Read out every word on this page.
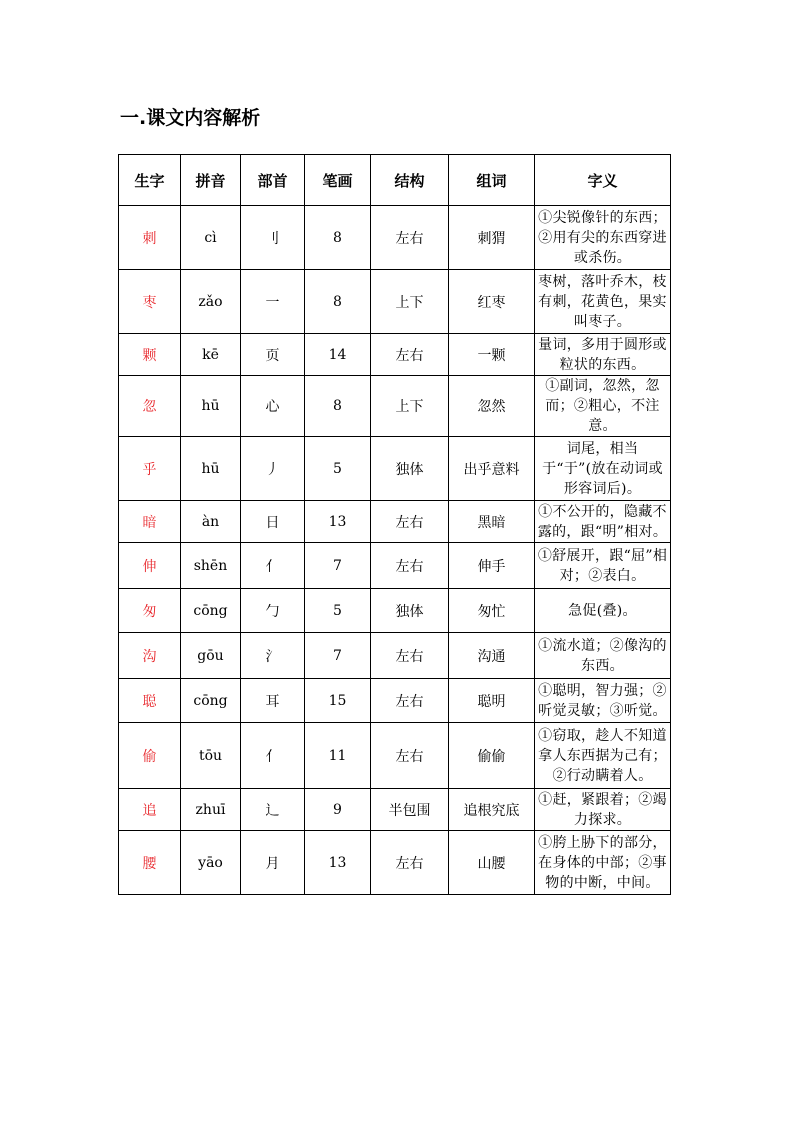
一.课文内容解析
生字	拼音	部首	笔画	结构	组词	字义
刺	cì	刂	8	左右	刺猬	①尖锐像针的东西；②用有尖的东西穿进或杀伤。
枣	zǎo	一	8	上下	红枣	枣树，落叶乔木，枝有刺，花黄色，果实叫枣子。
颗	kē	页	14	左右	一颗	量词，多用于圆形或粒状的东西。
忽	hū	心	8	上下	忽然	①副词，忽然，忽而；②粗心，不注意。
乎	hū	丿	5	独体	出乎意料	词尾，相当于“于”(放在动词或形容词后)。
暗	àn	日	13	左右	黑暗	①不公开的，隐藏不露的，跟“明”相对。
伸	shēn	亻	7	左右	伸手	①舒展开，跟“屈”相对；②表白。
匆	cōng	勹	5	独体	匆忙	急促(叠)。
沟	gōu	氵	7	左右	沟通	①流水道；②像沟的东西。
聪	cōng	耳	15	左右	聪明	①聪明，智力强；②听觉灵敏；③听觉。
偷	tōu	亻	11	左右	偷偷	①窃取，趁人不知道拿人东西据为己有；②行动瞒着人。
追	zhuī	辶	9	半包围	追根究底	①赶，紧跟着；②竭力探求。
腰	yāo	月	13	左右	山腰	①胯上胁下的部分，在身体的中部；②事物的中断，中间。
